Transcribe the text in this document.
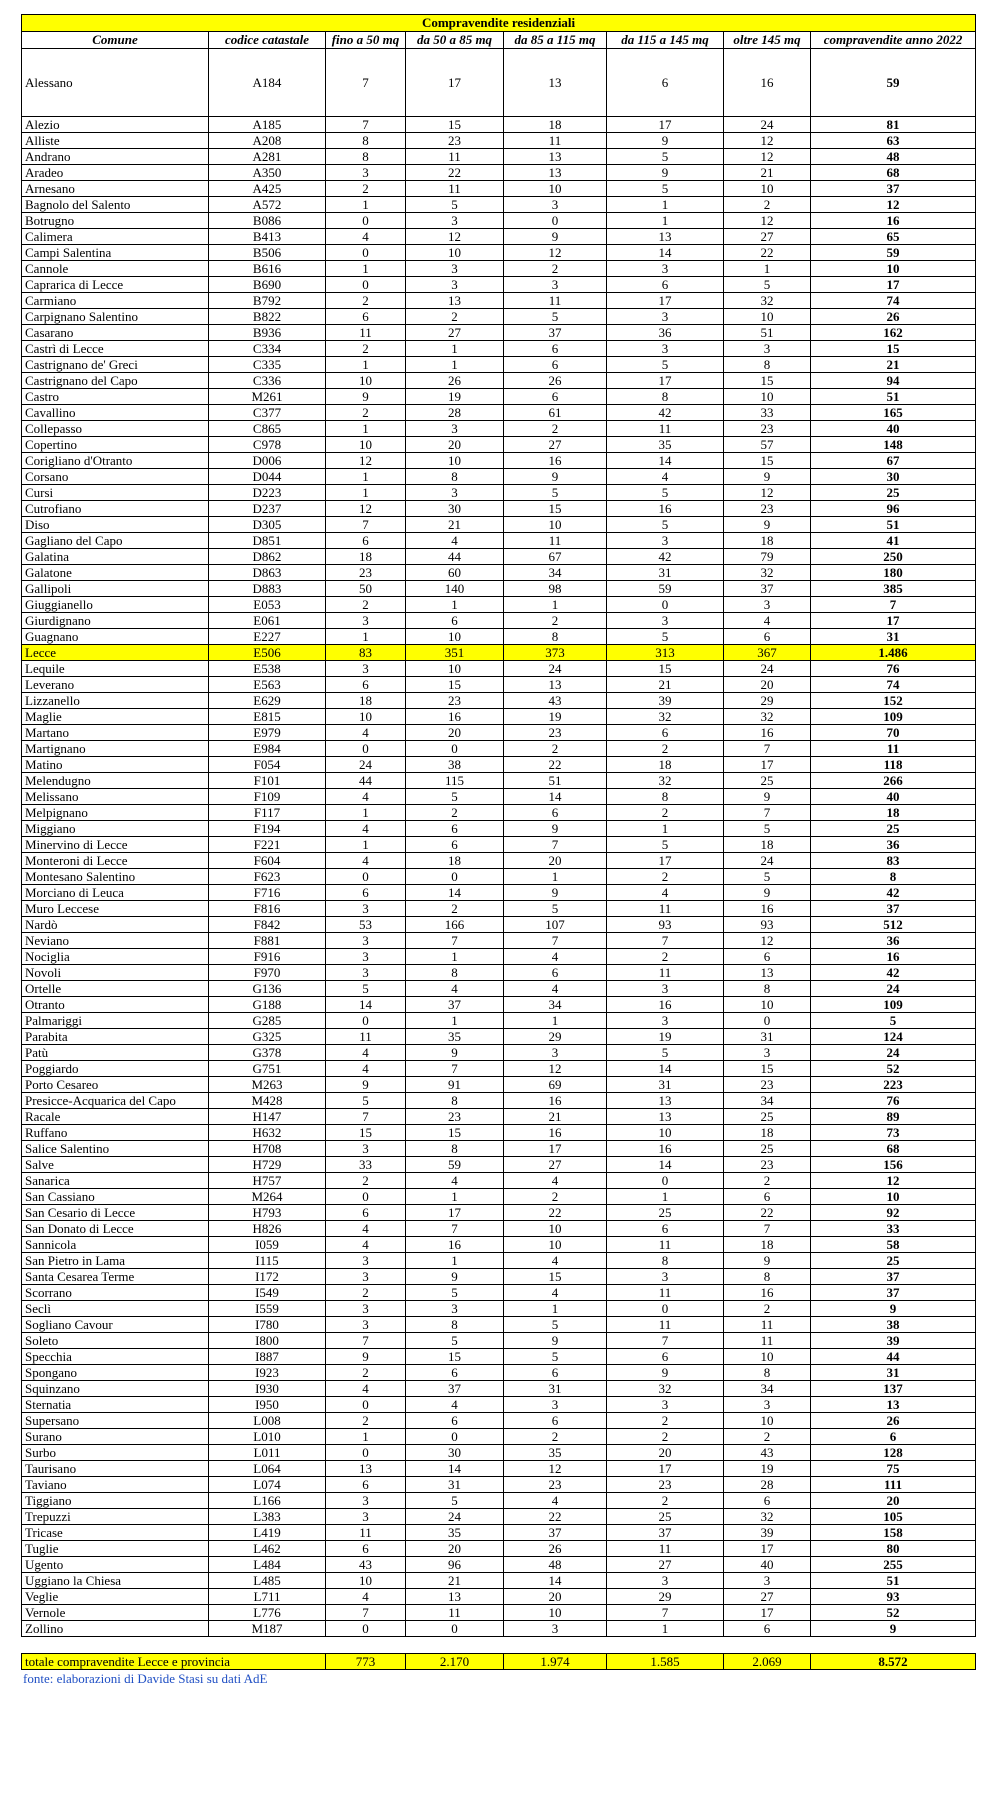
Compravendite residenziali							
Comune	codice catastale	fino a 50 mq	da 50 a 85 mq	da 85 a 115 mq	da 115 a 145 mq	oltre 145 mq	compravendite anno 2022
Alessano	A184	7	17	13	6	16	59
Alezio	A185	7	15	18	17	24	81
Alliste	A208	8	23	11	9	12	63
Andrano	A281	8	11	13	5	12	48
Aradeo	A350	3	22	13	9	21	68
Arnesano	A425	2	11	10	5	10	37
Bagnolo del Salento	A572	1	5	3	1	2	12
Botrugno	B086	0	3	0	1	12	16
Calimera	B413	4	12	9	13	27	65
Campi Salentina	B506	0	10	12	14	22	59
Cannole	B616	1	3	2	3	1	10
Caprarica di Lecce	B690	0	3	3	6	5	17
Carmiano	B792	2	13	11	17	32	74
Carpignano Salentino	B822	6	2	5	3	10	26
Casarano	B936	11	27	37	36	51	162
Castrì di Lecce	C334	2	1	6	3	3	15
Castrignano de' Greci	C335	1	1	6	5	8	21
Castrignano del Capo	C336	10	26	26	17	15	94
Castro	M261	9	19	6	8	10	51
Cavallino	C377	2	28	61	42	33	165
Collepasso	C865	1	3	2	11	23	40
Copertino	C978	10	20	27	35	57	148
Corigliano d'Otranto	D006	12	10	16	14	15	67
Corsano	D044	1	8	9	4	9	30
Cursi	D223	1	3	5	5	12	25
Cutrofiano	D237	12	30	15	16	23	96
Diso	D305	7	21	10	5	9	51
Gagliano del Capo	D851	6	4	11	3	18	41
Galatina	D862	18	44	67	42	79	250
Galatone	D863	23	60	34	31	32	180
Gallipoli	D883	50	140	98	59	37	385
Giuggianello	E053	2	1	1	0	3	7
Giurdignano	E061	3	6	2	3	4	17
Guagnano	E227	1	10	8	5	6	31
Lecce	E506	83	351	373	313	367	1.486
Lequile	E538	3	10	24	15	24	76
Leverano	E563	6	15	13	21	20	74
Lizzanello	E629	18	23	43	39	29	152
Maglie	E815	10	16	19	32	32	109
Martano	E979	4	20	23	6	16	70
Martignano	E984	0	0	2	2	7	11
Matino	F054	24	38	22	18	17	118
Melendugno	F101	44	115	51	32	25	266
Melissano	F109	4	5	14	8	9	40
Melpignano	F117	1	2	6	2	7	18
Miggiano	F194	4	6	9	1	5	25
Minervino di Lecce	F221	1	6	7	5	18	36
Monteroni di Lecce	F604	4	18	20	17	24	83
Montesano Salentino	F623	0	0	1	2	5	8
Morciano di Leuca	F716	6	14	9	4	9	42
Muro Leccese	F816	3	2	5	11	16	37
Nardò	F842	53	166	107	93	93	512
Neviano	F881	3	7	7	7	12	36
Nociglia	F916	3	1	4	2	6	16
Novoli	F970	3	8	6	11	13	42
Ortelle	G136	5	4	4	3	8	24
Otranto	G188	14	37	34	16	10	109
Palmariggi	G285	0	1	1	3	0	5
Parabita	G325	11	35	29	19	31	124
Patù	G378	4	9	3	5	3	24
Poggiardo	G751	4	7	12	14	15	52
Porto Cesareo	M263	9	91	69	31	23	223
Presicce-Acquarica del Capo	M428	5	8	16	13	34	76
Racale	H147	7	23	21	13	25	89
Ruffano	H632	15	15	16	10	18	73
Salice Salentino	H708	3	8	17	16	25	68
Salve	H729	33	59	27	14	23	156
Sanarica	H757	2	4	4	0	2	12
San Cassiano	M264	0	1	2	1	6	10
San Cesario di Lecce	H793	6	17	22	25	22	92
San Donato di Lecce	H826	4	7	10	6	7	33
Sannicola	I059	4	16	10	11	18	58
San Pietro in Lama	I115	3	1	4	8	9	25
Santa Cesarea Terme	I172	3	9	15	3	8	37
Scorrano	I549	2	5	4	11	16	37
Seclì	I559	3	3	1	0	2	9
Sogliano Cavour	I780	3	8	5	11	11	38
Soleto	I800	7	5	9	7	11	39
Specchia	I887	9	15	5	6	10	44
Spongano	I923	2	6	6	9	8	31
Squinzano	I930	4	37	31	32	34	137
Sternatia	I950	0	4	3	3	3	13
Supersano	L008	2	6	6	2	10	26
Surano	L010	1	0	2	2	2	6
Surbo	L011	0	30	35	20	43	128
Taurisano	L064	13	14	12	17	19	75
Taviano	L074	6	31	23	23	28	111
Tiggiano	L166	3	5	4	2	6	20
Trepuzzi	L383	3	24	22	25	32	105
Tricase	L419	11	35	37	37	39	158
Tuglie	L462	6	20	26	11	17	80
Ugento	L484	43	96	48	27	40	255
Uggiano la Chiesa	L485	10	21	14	3	3	51
Veglie	L711	4	13	20	29	27	93
Vernole	L776	7	11	10	7	17	52
Zollino	M187	0	0	3	1	6	9
totale compravendite Lecce e provincia	773	2.170	1.974	1.585	2.069	8.572
fonte: elaborazioni di Davide Stasi su dati AdE
